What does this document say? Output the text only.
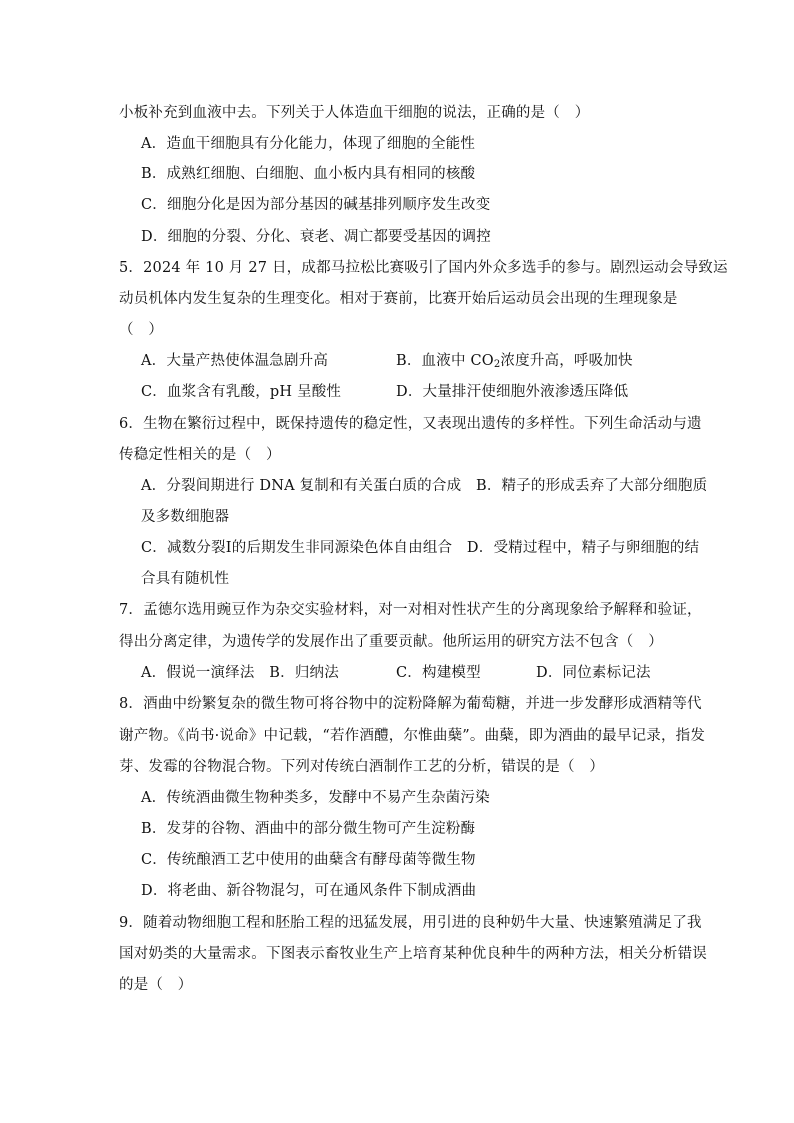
小板补充到血液中去。下列关于人体造血干细胞的说法，正确的是（　）
A．造血干细胞具有分化能力，体现了细胞的全能性
B．成熟红细胞、白细胞、血小板内具有相同的核酸
C．细胞分化是因为部分基因的碱基排列顺序发生改变
D．细胞的分裂、分化、衰老、凋亡都要受基因的调控
5．2024 年 10 月 27 日，成都马拉松比赛吸引了国内外众多选手的参与。剧烈运动会导致运
动员机体内发生复杂的生理变化。相对于赛前，比赛开始后运动员会出现的生理现象是
（　）
A．大量产热使体温急剧升高	B．血液中 $CO_2$浓度升高，呼吸加快
C．血浆含有乳酸，pH 呈酸性	D．大量排汗使细胞外液渗透压降低
6．生物在繁衍过程中，既保持遗传的稳定性，又表现出遗传的多样性。下列生命活动与遗
传稳定性相关的是（　）
A．分裂间期进行 DNA 复制和有关蛋白质的合成　B．精子的形成丢弃了大部分细胞质
及多数细胞器
C．减数分裂Ⅰ的后期发生非同源染色体自由组合　D．受精过程中，精子与卵细胞的结
合具有随机性
7．孟德尔选用豌豆作为杂交实验材料，对一对相对性状产生的分离现象给予解释和验证，
得出分离定律，为遗传学的发展作出了重要贡献。他所运用的研究方法不包含（　）
A．假说一演绎法　B．归纳法	C．构建模型	D．同位素标记法
8．酒曲中纷繁复杂的微生物可将谷物中的淀粉降解为葡萄糖，并进一步发酵形成酒精等代
谢产物。《尚书·说命》中记载，“若作酒醴，尔惟曲蘖”。曲蘖，即为酒曲的最早记录，指发
芽、发霉的谷物混合物。下列对传统白酒制作工艺的分析，错误的是（　）
A．传统酒曲微生物种类多，发酵中不易产生杂菌污染
B．发芽的谷物、酒曲中的部分微生物可产生淀粉酶
C．传统酿酒工艺中使用的曲蘖含有酵母菌等微生物
D．将老曲、新谷物混匀，可在通风条件下制成酒曲
9．随着动物细胞工程和胚胎工程的迅猛发展，用引进的良种奶牛大量、快速繁殖满足了我
国对奶类的大量需求。下图表示畜牧业生产上培育某种优良种牛的两种方法，相关分析错误
的是（　）
